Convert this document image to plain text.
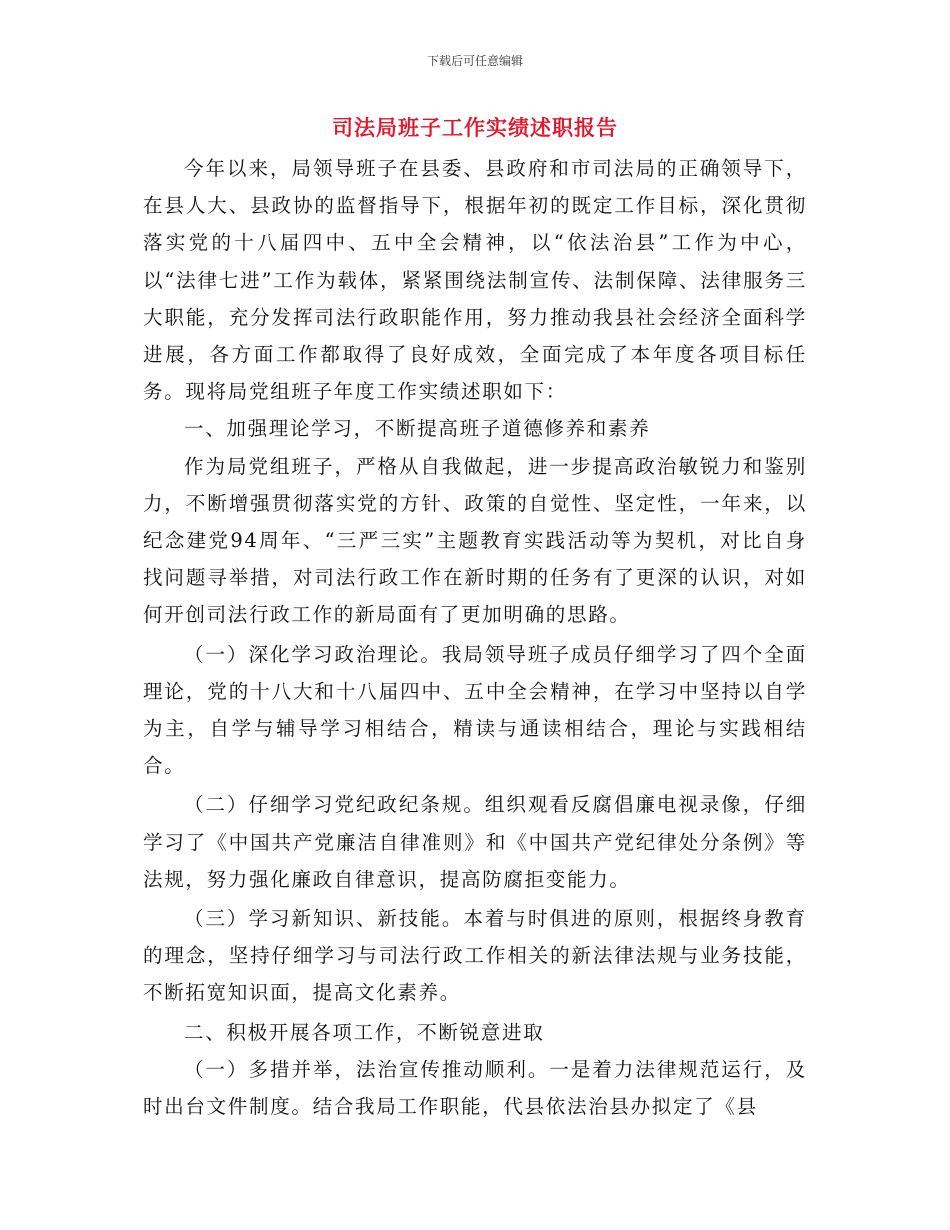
下载后可任意编辑
司法局班子工作实绩述职报告

今年以来，局领导班子在县委、县政府和市司法局的正确领导下，在县人大、县政协的监督指导下，根据年初的既定工作目标，深化贯彻落实党的十八届四中、五中全会精神，以“依法治县”工作为中心，以“法律七进”工作为载体，紧紧围绕法制宣传、法制保障、法律服务三大职能，充分发挥司法行政职能作用，努力推动我县社会经济全面科学进展，各方面工作都取得了良好成效，全面完成了本年度各项目标任务。现将局党组班子年度工作实绩述职如下：

一、加强理论学习，不断提高班子道德修养和素养

作为局党组班子，严格从自我做起，进一步提高政治敏锐力和鉴别力，不断增强贯彻落实党的方针、政策的自觉性、坚定性，一年来，以纪念建党94周年、“三严三实”主题教育实践活动等为契机，对比自身找问题寻举措，对司法行政工作在新时期的任务有了更深的认识，对如何开创司法行政工作的新局面有了更加明确的思路。

（一）深化学习政治理论。我局领导班子成员仔细学习了四个全面理论，党的十八大和十八届四中、五中全会精神，在学习中坚持以自学为主，自学与辅导学习相结合，精读与通读相结合，理论与实践相结合。

（二）仔细学习党纪政纪条规。组织观看反腐倡廉电视录像，仔细学习了《中国共产党廉洁自律准则》和《中国共产党纪律处分条例》等法规，努力强化廉政自律意识，提高防腐拒变能力。

（三）学习新知识、新技能。本着与时俱进的原则，根据终身教育的理念，坚持仔细学习与司法行政工作相关的新法律法规与业务技能，不断拓宽知识面，提高文化素养。

二、积极开展各项工作，不断锐意进取

（一）多措并举，法治宣传推动顺利。一是着力法律规范运行，及时出台文件制度。结合我局工作职能，代县依法治县办拟定了《县
